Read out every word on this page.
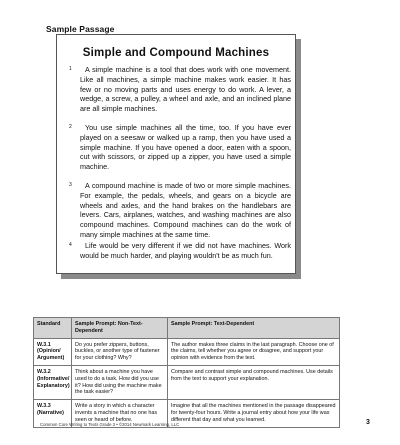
Sample Passage
Simple and Compound Machines
1	A simple machine is a tool that does work with one movement. Like all machines, a simple machine makes work easier. It has few or no moving parts and uses energy to do work. A lever, a wedge, a screw, a pulley, a wheel and axle, and an inclined plane are all simple machines.

2	You use simple machines all the time, too. If you have ever played on a seesaw or walked up a ramp, then you have used a simple machine. If you have opened a door, eaten with a spoon, cut with scissors, or zipped up a zipper, you have used a simple machine.

3	A compound machine is made of two or more simple machines. For example, the pedals, wheels, and gears on a bicycle are wheels and axles, and the hand brakes on the handlebars are levers. Cars, airplanes, watches, and washing machines are also compound machines. Compound machines can do the work of many simple machines at the same time.

4	Life would be very different if we did not have machines. Work would be much harder, and playing wouldn't be as much fun.

Standard	Sample Prompt: Non-Text-Dependent	Sample Prompt: Text-Dependent
W.3.1 (Opinion/ Argument)	Do you prefer zippers, buttons, buckles, or another type of fastener for your clothing? Why?	The author makes three claims in the last paragraph. Choose one of the claims, tell whether you agree or disagree, and support your opinion with evidence from the text.
W.3.2 (Informative/ Explanatory)	Think about a machine you have used to do a task. How did you use it? How did using the machine make the task easier?	Compare and contrast simple and compound machines. Use details from the text to support your explanation.
W.3.3 (Narrative)	Write a story in which a character invents a machine that no one has seen or heard of before.	Imagine that all the machines mentioned in the passage disappeared for twenty-four hours. Write a journal entry about how your life was different that day and what you learned.
Common Core Writing to Texts Grade 3 • ©2014 Newmark Learning, LLC	3
